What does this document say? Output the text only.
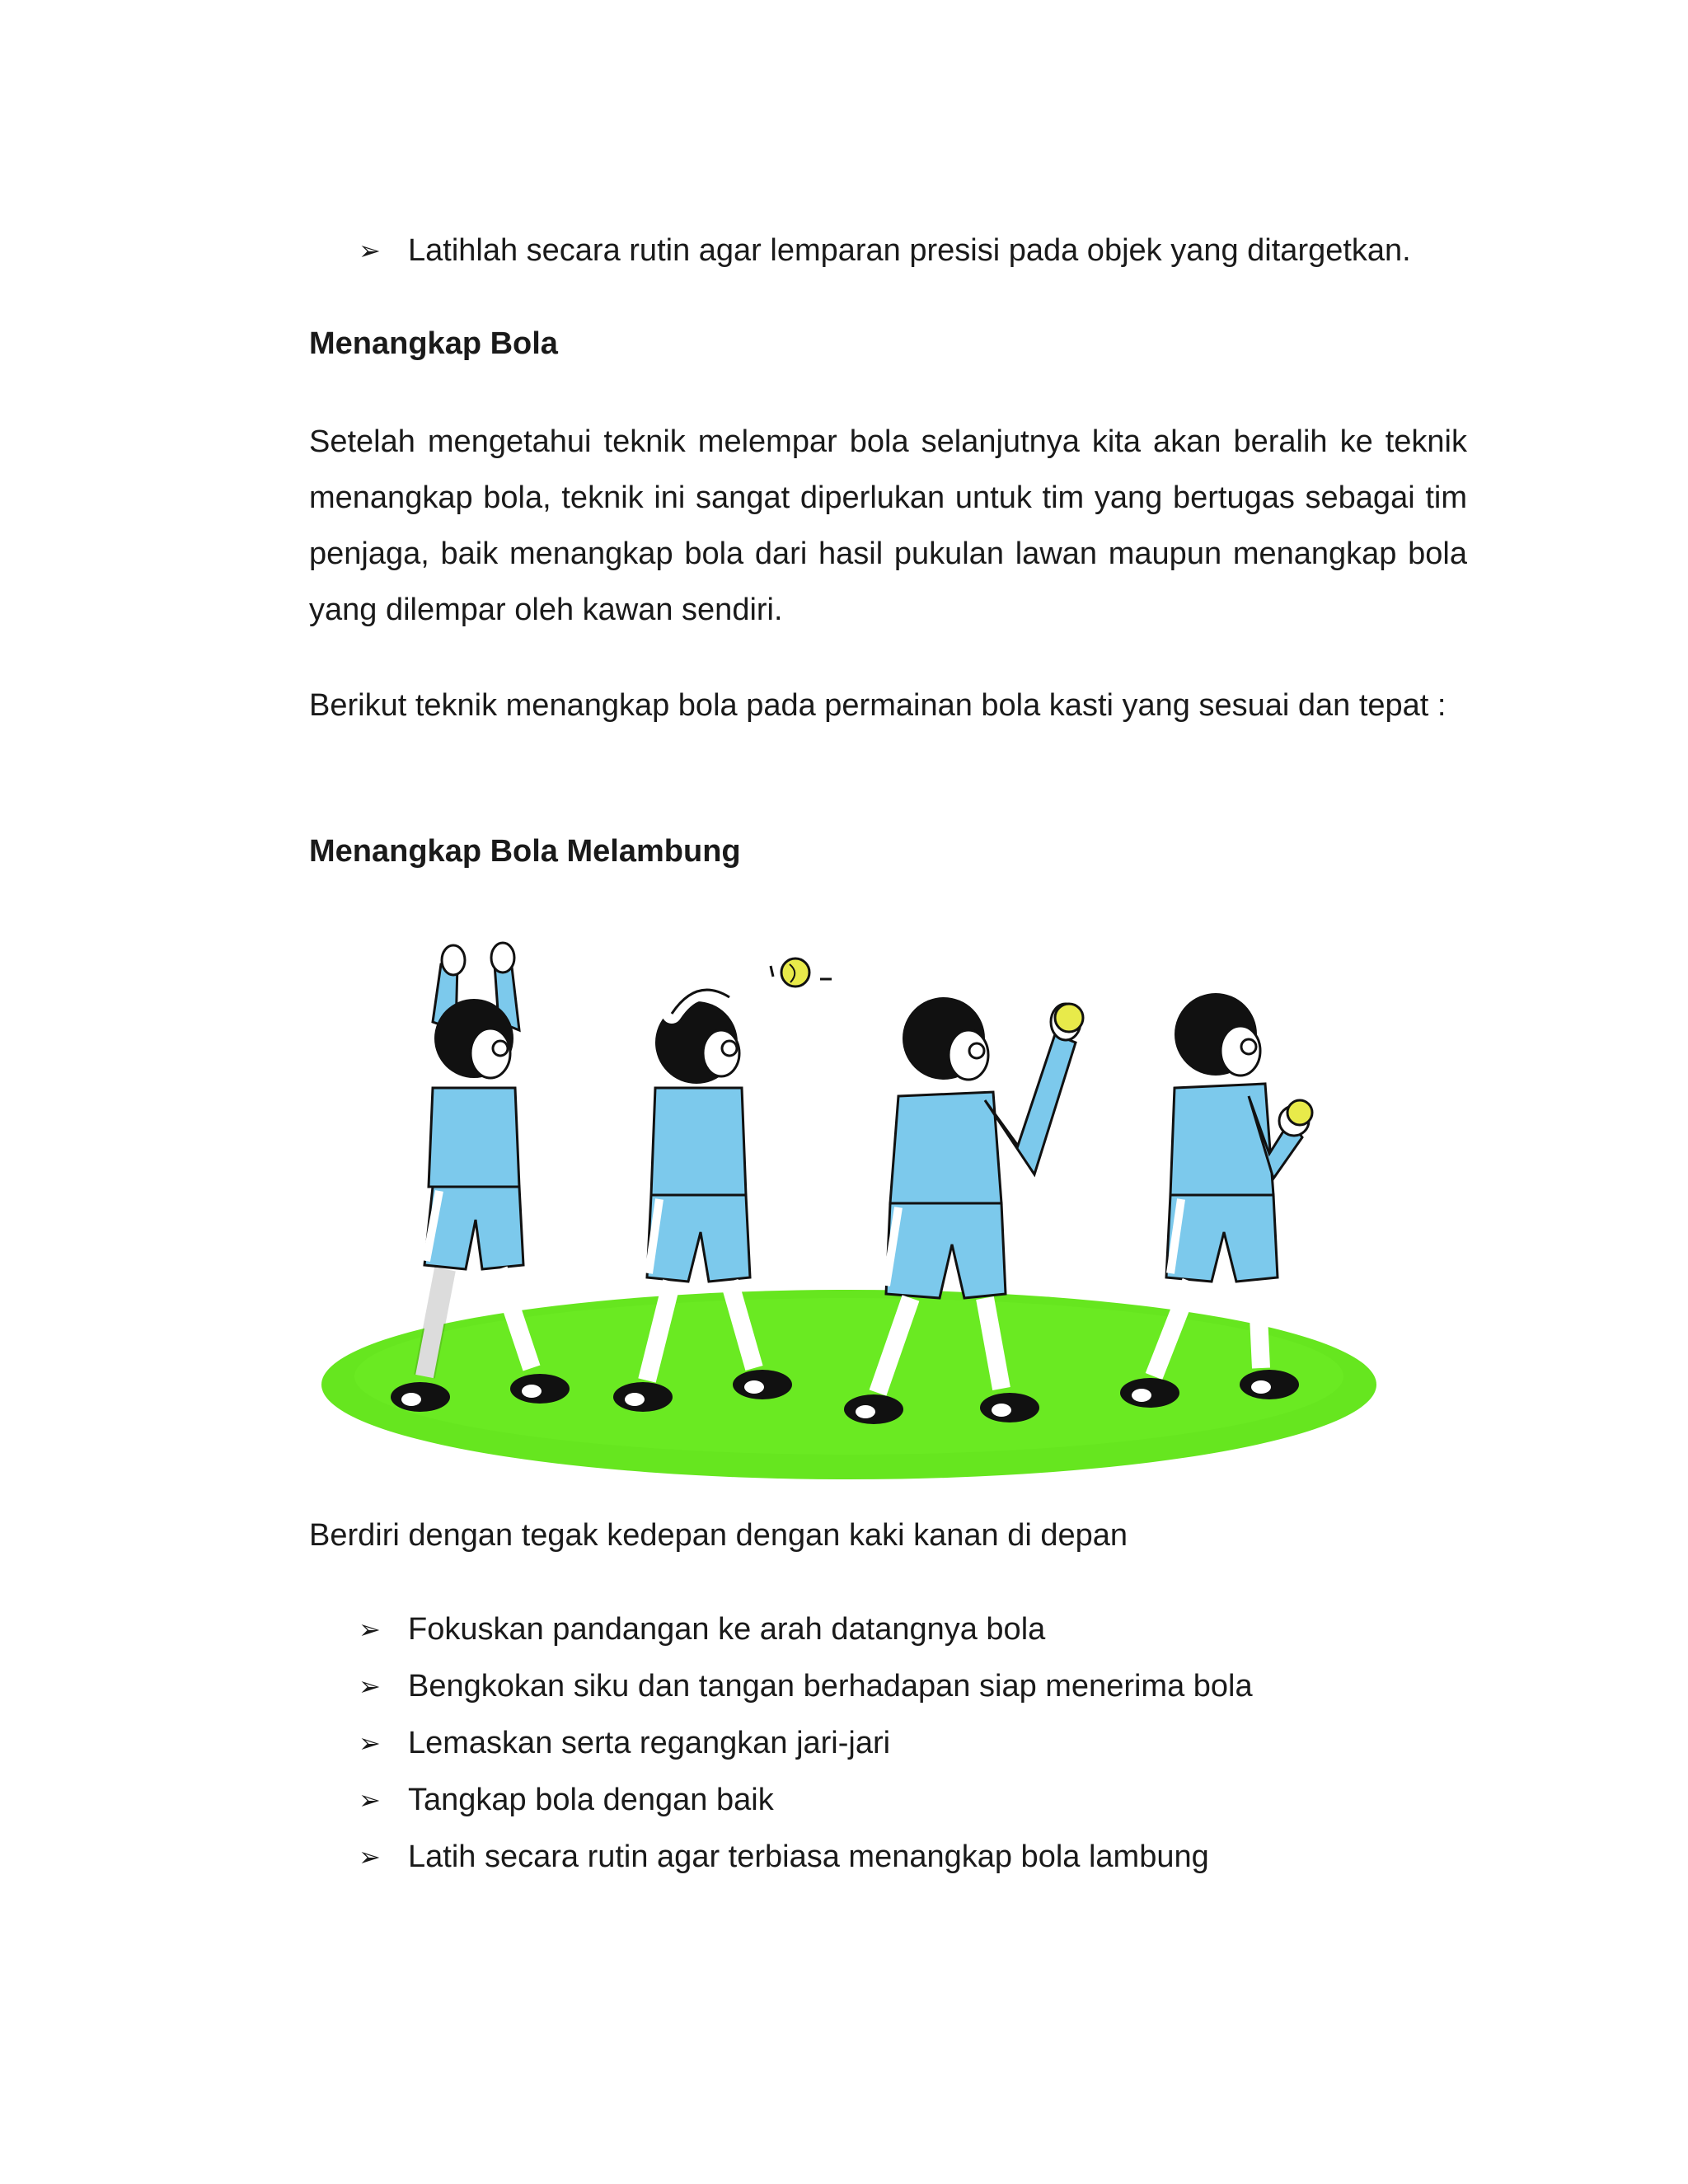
➢ Latihlah secara rutin agar lemparan presisi pada objek yang ditargetkan.
Menangkap Bola

Setelah mengetahui teknik melempar bola selanjutnya kita akan beralih ke teknik menangkap bola, teknik ini sangat diperlukan untuk tim yang bertugas sebagai tim penjaga, baik menangkap bola dari hasil pukulan lawan maupun menangkap bola yang dilempar oleh kawan sendiri.

Berikut teknik menangkap bola pada permainan bola kasti yang sesuai dan tepat :

Menangkap Bola Melambung

Berdiri dengan tegak kedepan dengan kaki kanan di depan

➢ Fokuskan pandangan ke arah datangnya bola
➢ Bengkokan siku dan tangan berhadapan siap menerima bola
➢ Lemaskan serta regangkan jari-jari
➢ Tangkap bola dengan baik
➢ Latih secara rutin agar terbiasa menangkap bola lambung
